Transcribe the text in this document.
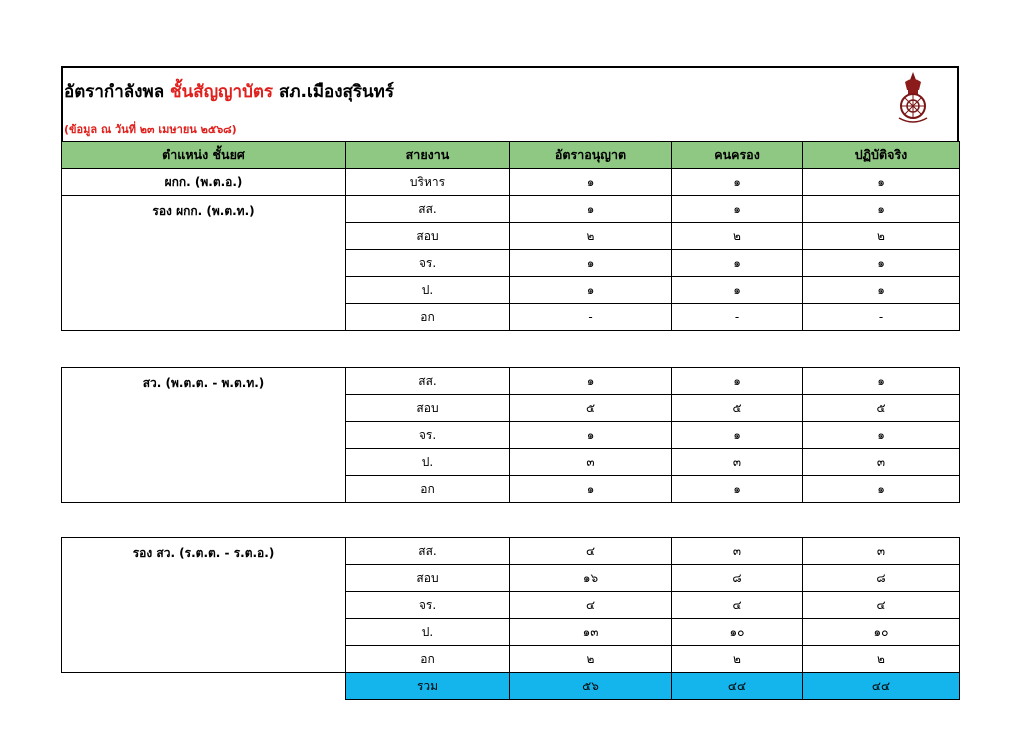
อัตรากำลังพล ชั้นสัญญาบัตร สภ.เมืองสุรินทร์
(ข้อมูล ณ วันที่ ๒๓ เมษายน ๒๕๖๘)
ตำแหน่ง ชั้นยศ	สายงาน	อัตราอนุญาต	คนครอง	ปฏิบัติจริง
ผกก. (พ.ต.อ.)	บริหาร	๑	๑	๑
รอง ผกก. (พ.ต.ท.)	สส.	๑	๑	๑
	สอบ	๒	๒	๒
	จร.	๑	๑	๑
	ป.	๑	๑	๑
	อก	-	-	-
สว. (พ.ต.ต. - พ.ต.ท.)	สส.	๑	๑	๑
	สอบ	๕	๕	๕
	จร.	๑	๑	๑
	ป.	๓	๓	๓
	อก	๑	๑	๑
รอง สว. (ร.ต.ต. - ร.ต.อ.)	สส.	๔	๓	๓
	สอบ	๑๖	๘	๘
	จร.	๔	๔	๔
	ป.	๑๓	๑๐	๑๐
	อก	๒	๒	๒
	รวม	๕๖	๔๔	๔๔
